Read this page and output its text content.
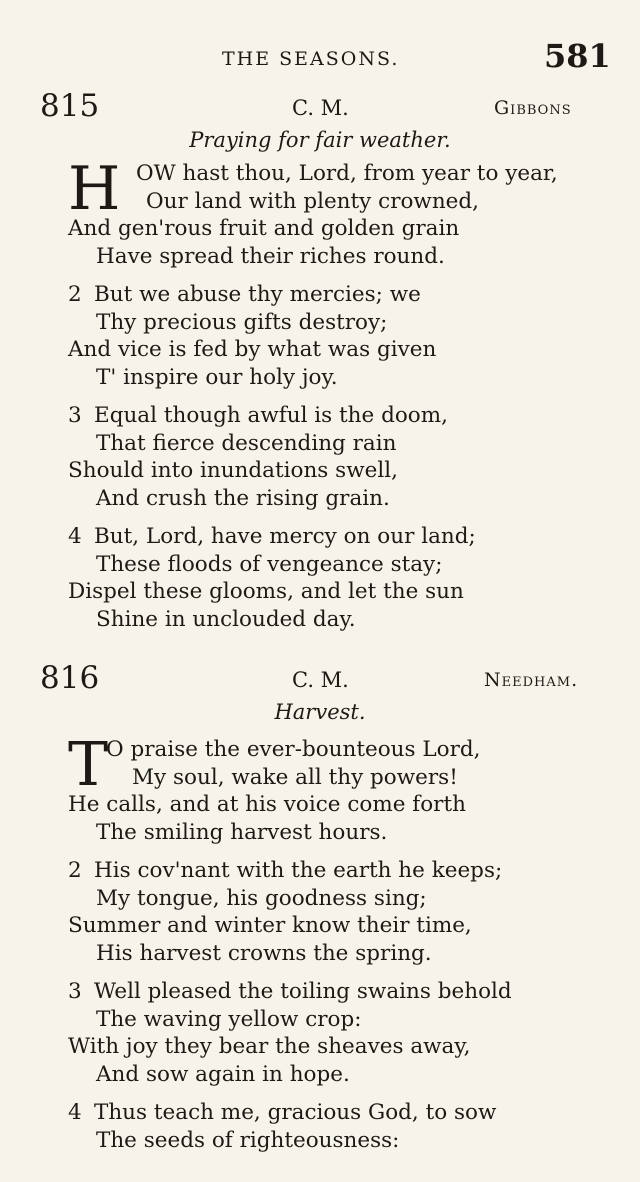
THE SEASONS.	581
815	C. M.	Gibbons
Praying for fair weather.
H OW hast thou, Lord, from year to year,
Our land with plenty crowned,
And gen'rous fruit and golden grain
Have spread their riches round.
2 But we abuse thy mercies; we
Thy precious gifts destroy;
And vice is fed by what was given
T' inspire our holy joy.
3 Equal though awful is the doom,
That fierce descending rain
Should into inundations swell,
And crush the rising grain.
4 But, Lord, have mercy on our land;
These floods of vengeance stay;
Dispel these glooms, and let the sun
Shine in unclouded day.
816	C. M.	Needham.
Harvest.
T
O praise the ever-bounteous Lord,
My soul, wake all thy powers!
He calls, and at his voice come forth
The smiling harvest hours.
2 His cov'nant with the earth he keeps;
My tongue, his goodness sing;
Summer and winter know their time,
His harvest crowns the spring.
3 Well pleased the toiling swains behold
The waving yellow crop:
With joy they bear the sheaves away,
And sow again in hope.
4 Thus teach me, gracious God, to sow
The seeds of righteousness:
